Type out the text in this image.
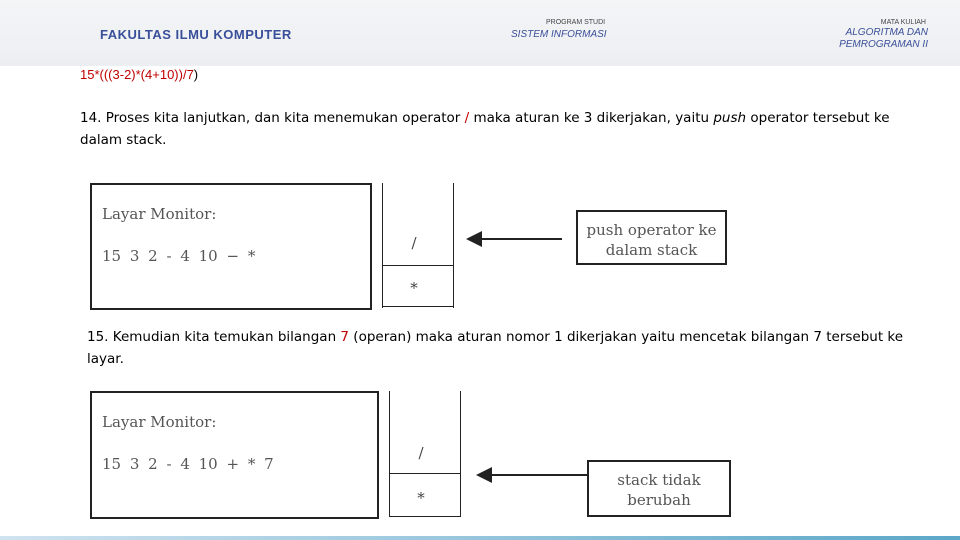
FAKULTAS ILMU KOMPUTER
PROGRAM STUDI
SISTEM INFORMASI
MATA KULIAH
ALGORITMA DAN
PEMROGRAMAN II
15*(((3-2)*(4+10))/7)
14. Proses kita lanjutkan, dan kita menemukan operator / maka aturan ke 3 dikerjakan, yaitu push operator tersebut ke dalam stack.
Layar Monitor:
15 3 2 - 4 10 − *
/
*
push operator ke
dalam stack
15. Kemudian kita temukan bilangan 7 (operan) maka aturan nomor 1 dikerjakan yaitu mencetak bilangan 7 tersebut ke layar.
Layar Monitor:
15 3 2 - 4 10 + * 7
/
*
stack tidak
berubah
